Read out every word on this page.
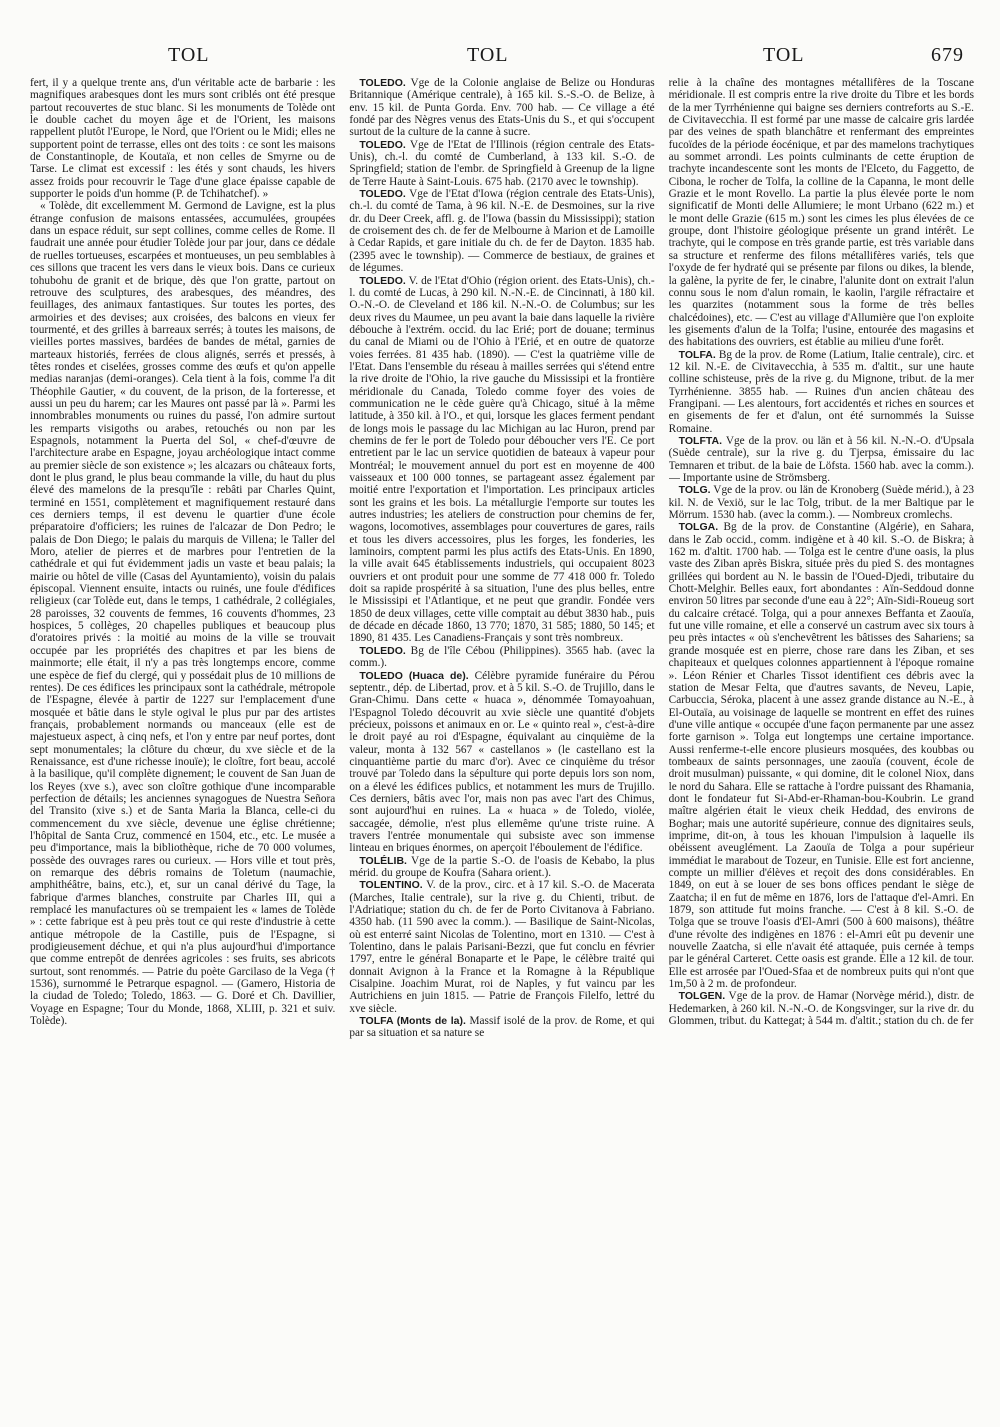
TOL	TOL	TOL	679

fert, il y a quelque trente ans, d'un véritable acte de barbarie : les magnifiques arabesques dont les murs sont criblés ont été presque partout recouvertes de stuc blanc. Si les monuments de Tolède ont le double cachet du moyen âge et de l'Orient, les maisons rappellent plutôt l'Europe, le Nord, que l'Orient ou le Midi; elles ne supportent point de terrasse, elles ont des toits : ce sont les maisons de Constantinople, de Koutaïa, et non celles de Smyrne ou de Tarse. Le climat est excessif : les étés y sont chauds, les hivers assez froids pour recouvrir le Tage d'une glace épaisse capable de supporter le poids d'un homme (P. de Tchihatchef). »

« Tolède, dit excellemment M. Germond de Lavigne, est la plus étrange confusion de maisons entassées, accumulées, groupées dans un espace réduit, sur sept collines, comme celles de Rome. Il faudrait une année pour étudier Tolède jour par jour, dans ce dédale de ruelles tortueuses, escarpées et montueuses, un peu semblables à ces sillons que tracent les vers dans le vieux bois. Dans ce curieux tohubohu de granit et de brique, dès que l'on gratte, partout on retrouve des sculptures, des arabesques, des méandres, des feuillages, des animaux fantastiques. Sur toutes les portes, des armoiries et des devises; aux croisées, des balcons en vieux fer tourmenté, et des grilles à barreaux serrés; à toutes les maisons, de vieilles portes massives, bardées de bandes de métal, garnies de marteaux historiés, ferrées de clous alignés, serrés et pressés, à têtes rondes et ciselées, grosses comme des œufs et qu'on appelle medias naranjas (demi-oranges). Cela tient à la fois, comme l'a dit Théophile Gautier, « du couvent, de la prison, de la forteresse, et aussi un peu du harem; car les Maures ont passé par là ». Parmi les innombrables monuments ou ruines du passé, l'on admire surtout les remparts visigoths ou arabes, retouchés ou non par les Espagnols, notamment la Puerta del Sol, « chef-d'œuvre de l'architecture arabe en Espagne, joyau archéologique intact comme au premier siècle de son existence »; les alcazars ou châteaux forts, dont le plus grand, le plus beau commande la ville, du haut du plus élevé des mamelons de la presqu'île : rebâti par Charles Quint, terminé en 1551, complètement et magnifiquement restauré dans ces derniers temps, il est devenu le quartier d'une école préparatoire d'officiers; les ruines de l'alcazar de Don Pedro; le palais de Don Diego; le palais du marquis de Villena; le Taller del Moro, atelier de pierres et de marbres pour l'entretien de la cathédrale et qui fut évidemment jadis un vaste et beau palais; la mairie ou hôtel de ville (Casas del Ayuntamiento), voisin du palais épiscopal. Viennent ensuite, intacts ou ruinés, une foule d'édifices religieux (car Tolède eut, dans le temps, 1 cathédrale, 2 collégiales, 28 paroisses, 32 couvents de femmes, 16 couvents d'hommes, 23 hospices, 5 collèges, 20 chapelles publiques et beaucoup plus d'oratoires privés : la moitié au moins de la ville se trouvait occupée par les propriétés des chapitres et par les biens de mainmorte; elle était, il n'y a pas très longtemps encore, comme une espèce de fief du clergé, qui y possédait plus de 10 millions de rentes). De ces édifices les principaux sont la cathédrale, métropole de l'Espagne, élevée à partir de 1227 sur l'emplacement d'une mosquée et bâtie dans le style ogival le plus pur par des artistes français, probablement normands ou manceaux (elle est de majestueux aspect, à cinq nefs, et l'on y entre par neuf portes, dont sept monumentales; la clôture du chœur, du xve siècle et de la Renaissance, est d'une richesse inouïe); le cloître, fort beau, accolé à la basilique, qu'il complète dignement; le couvent de San Juan de los Reyes (xve s.), avec son cloître gothique d'une incomparable perfection de détails; les anciennes synagogues de Nuestra Señora del Transito (xive s.) et de Santa Maria la Blanca, celle-ci du commencement du xve siècle, devenue une église chrétienne; l'hôpital de Santa Cruz, commencé en 1504, etc., etc. Le musée a peu d'importance, mais la bibliothèque, riche de 70 000 volumes, possède des ouvrages rares ou curieux. — Hors ville et tout près, on remarque des débris romains de Toletum (naumachie, amphithéâtre, bains, etc.), et, sur un canal dérivé du Tage, la fabrique d'armes blanches, construite par Charles III, qui a remplacé les manufactures où se trempaient les « lames de Tolède » : cette fabrique est à peu près tout ce qui reste d'industrie à cette antique métropole de la Castille, puis de l'Espagne, si prodigieusement déchue, et qui n'a plus aujourd'hui d'importance que comme entrepôt de denrées agricoles : ses fruits, ses abricots surtout, sont renommés. — Patrie du poète Garcilaso de la Vega († 1536), surnommé le Petrarque espagnol. — (Gamero, Historia de la ciudad de Toledo; Toledo, 1863. — G. Doré et Ch. Davillier, Voyage en Espagne; Tour du Monde, 1868, XLIII, p. 321 et suiv. Tolède).

TOLEDO. Vge de la Colonie anglaise de Belize ou Honduras Britannique (Amérique centrale), à 165 kil. S.-S.-O. de Belize, à env. 15 kil. de Punta Gorda. Env. 700 hab. — Ce village a été fondé par des Nègres venus des Etats-Unis du S., et qui s'occupent surtout de la culture de la canne à sucre.

TOLEDO. Vge de l'Etat de l'Illinois (région centrale des Etats-Unis), ch.-l. du comté de Cumberland, à 133 kil. S.-O. de Springfield; station de l'embr. de Springfield à Greenup de la ligne de Terre Haute à Saint-Louis. 675 hab. (2170 avec le township).

TOLEDO. Vge de l'Etat d'Iowa (région centrale des Etats-Unis), ch.-l. du comté de Tama, à 96 kil. N.-E. de Desmoines, sur la rive dr. du Deer Creek, affl. g. de l'Iowa (bassin du Mississippi); station de croisement des ch. de fer de Melbourne à Marion et de Lamoille à Cedar Rapids, et gare initiale du ch. de fer de Dayton. 1835 hab. (2395 avec le township). — Commerce de bestiaux, de graines et de légumes.

TOLEDO. V. de l'Etat d'Ohio (région orient. des Etats-Unis), ch.-l. du comté de Lucas, à 290 kil. N.-N.-E. de Cincinnati, à 180 kil. O.-N.-O. de Cleveland et 186 kil. N.-N.-O. de Columbus; sur les deux rives du Maumee, un peu avant la baie dans laquelle la rivière débouche à l'extrém. occid. du lac Erié; port de douane; terminus du canal de Miami ou de l'Ohio à l'Erié, et en outre de quatorze voies ferrées. 81 435 hab. (1890). — C'est la quatrième ville de l'Etat. Dans l'ensemble du réseau à mailles serrées qui s'étend entre la rive droite de l'Ohio, la rive gauche du Mississipi et la frontière méridionale du Canada, Toledo comme foyer des voies de communication ne le cède guère qu'à Chicago, situé à la même latitude, à 350 kil. à l'O., et qui, lorsque les glaces ferment pendant de longs mois le passage du lac Michigan au lac Huron, prend par chemins de fer le port de Toledo pour déboucher vers l'E. Ce port entretient par le lac un service quotidien de bateaux à vapeur pour Montréal; le mouvement annuel du port est en moyenne de 400 vaisseaux et 100 000 tonnes, se partageant assez également par moitié entre l'exportation et l'importation. Les principaux articles sont les grains et les bois. La métallurgie l'emporte sur toutes les autres industries; les ateliers de construction pour chemins de fer, wagons, locomotives, assemblages pour couvertures de gares, rails et tous les divers accessoires, plus les forges, les fonderies, les laminoirs, comptent parmi les plus actifs des Etats-Unis. En 1890, la ville avait 645 établissements industriels, qui occupaient 8023 ouvriers et ont produit pour une somme de 77 418 000 fr. Toledo doit sa rapide prospérité à sa situation, l'une des plus belles, entre le Mississipi et l'Atlantique, et ne peut que grandir. Fondée vers 1850 de deux villages, cette ville comptait au début 3830 hab., puis de décade en décade 1860, 13 770; 1870, 31 585; 1880, 50 145; et 1890, 81 435. Les Canadiens-Français y sont très nombreux.

TOLEDO. Bg de l'île Cébou (Philippines). 3565 hab. (avec la comm.).

TOLEDO (Huaca de). Célèbre pyramide funéraire du Pérou septentr., dép. de Libertad, prov. et à 5 kil. S.-O. de Trujillo, dans le Gran-Chimu. Dans cette « huaca », dénommée Tomayoahuan, l'Espagnol Toledo découvrit au xvie siècle une quantité d'objets précieux, poissons et animaux en or. Le « quinto real », c'est-à-dire le droit payé au roi d'Espagne, équivalant au cinquième de la valeur, monta à 132 567 « castellanos » (le castellano est la cinquantième partie du marc d'or). Avec ce cinquième du trésor trouvé par Toledo dans la sépulture qui porte depuis lors son nom, on a élevé les édifices publics, et notamment les murs de Trujillo. Ces derniers, bâtis avec l'or, mais non pas avec l'art des Chimus, sont aujourd'hui en ruines. La « huaca » de Toledo, violée, saccagée, démolie, n'est plus ellemême qu'une triste ruine. A travers l'entrée monumentale qui subsiste avec son immense linteau en briques énormes, on aperçoit l'éboulement de l'édifice.

TOLÉLIB. Vge de la partie S.-O. de l'oasis de Kebabo, la plus mérid. du groupe de Koufra (Sahara orient.).

TOLENTINO. V. de la prov., circ. et à 17 kil. S.-O. de Macerata (Marches, Italie centrale), sur la rive g. du Chienti, tribut. de l'Adriatique; station du ch. de fer de Porto Civitanova à Fabriano. 4350 hab. (11 590 avec la comm.). — Basilique de Saint-Nicolas, où est enterré saint Nicolas de Tolentino, mort en 1310. — C'est à Tolentino, dans le palais Parisani-Bezzi, que fut conclu en février 1797, entre le général Bonaparte et le Pape, le célèbre traité qui donnait Avignon à la France et la Romagne à la République Cisalpine. Joachim Murat, roi de Naples, y fut vaincu par les Autrichiens en juin 1815. — Patrie de François Filelfo, lettré du xve siècle.

TOLFA (Monts de la). Massif isolé de la prov. de Rome, et qui par sa situation et sa nature se

relie à la chaîne des montagnes métallifères de la Toscane méridionale. Il est compris entre la rive droite du Tibre et les bords de la mer Tyrrhénienne qui baigne ses derniers contreforts au S.-E. de Civitavecchia. Il est formé par une masse de calcaire gris lardée par des veines de spath blanchâtre et renfermant des empreintes fucoïdes de la période éocénique, et par des mamelons trachytiques au sommet arrondi. Les points culminants de cette éruption de trachyte incandescente sont les monts de l'Elceto, du Faggetto, de Cibona, le rocher de Tolfa, la colline de la Capanna, le mont delle Grazie et le mont Rovello. La partie la plus élevée porte le nom significatif de Monti delle Allumiere; le mont Urbano (622 m.) et le mont delle Grazie (615 m.) sont les cimes les plus élevées de ce groupe, dont l'histoire géologique présente un grand intérêt. Le trachyte, qui le compose en très grande partie, est très variable dans sa structure et renferme des filons métallifères variés, tels que l'oxyde de fer hydraté qui se présente par filons ou dikes, la blende, la galène, la pyrite de fer, le cinabre, l'alunite dont on extrait l'alun connu sous le nom d'alun romain, le kaolin, l'argile réfractaire et les quarzites (notamment sous la forme de très belles chalcédoines), etc. — C'est au village d'Allumière que l'on exploite les gisements d'alun de la Tolfa; l'usine, entourée des magasins et des habitations des ouvriers, est établie au milieu d'une forêt.

TOLFA. Bg de la prov. de Rome (Latium, Italie centrale), circ. et 12 kil. N.-E. de Civitavecchia, à 535 m. d'altit., sur une haute colline schisteuse, près de la rive g. du Mignone, tribut. de la mer Tyrrhénienne. 3855 hab. — Ruines d'un ancien château des Frangipani. — Les alentours, fort accidentés et riches en sources et en gisements de fer et d'alun, ont été surnommés la Suisse Romaine.

TOLFTA. Vge de la prov. ou län et à 56 kil. N.-N.-O. d'Upsala (Suède centrale), sur la rive g. du Tjerpsa, émissaire du lac Temnaren et tribut. de la baie de Löfsta. 1560 hab. avec la comm.). — Importante usine de Strömsberg.

TOLG. Vge de la prov. ou län de Kronoberg (Suède mérid.), à 23 kil. N. de Vexiö, sur le lac Tolg, tribut. de la mer Baltique par le Mörrum. 1530 hab. (avec la comm.). — Nombreux cromlechs.

TOLGA. Bg de la prov. de Constantine (Algérie), en Sahara, dans le Zab occid., comm. indigène et à 40 kil. S.-O. de Biskra; à 162 m. d'altit. 1700 hab. — Tolga est le centre d'une oasis, la plus vaste des Ziban après Biskra, située près du pied S. des montagnes grillées qui bordent au N. le bassin de l'Oued-Djedi, tributaire du Chott-Melghir. Belles eaux, fort abondantes : Aïn-Seddoud donne environ 50 litres par seconde d'une eau à 22°; Aïn-Sidi-Roueug sort du calcaire crétacé. Tolga, qui a pour annexes Beffanta et Zaouïa, fut une ville romaine, et elle a conservé un castrum avec six tours à peu près intactes « où s'enchevêtrent les bâtisses des Sahariens; sa grande mosquée est en pierre, chose rare dans les Ziban, et ses chapiteaux et quelques colonnes appartiennent à l'époque romaine ». Léon Rénier et Charles Tissot identifient ces débris avec la station de Mesar Felta, que d'autres savants, de Neveu, Lapie, Carbuccia, Séroka, placent à une assez grande distance au N.-E., à El-Outaïa, au voisinage de laquelle se montrent en effet des ruines d'une ville antique « occupée d'une façon permanente par une assez forte garnison ». Tolga eut longtemps une certaine importance. Aussi renferme-t-elle encore plusieurs mosquées, des koubbas ou tombeaux de saints personnages, une zaouïa (couvent, école de droit musulman) puissante, « qui domine, dit le colonel Niox, dans le nord du Sahara. Elle se rattache à l'ordre puissant des Rhamania, dont le fondateur fut Si-Abd-er-Rhaman-bou-Koubrin. Le grand maître algérien était le vieux cheik Heddad, des environs de Boghar; mais une autorité supérieure, connue des dignitaires seuls, imprime, dit-on, à tous les khouan l'impulsion à laquelle ils obéissent aveuglément. La Zaouïa de Tolga a pour supérieur immédiat le marabout de Tozeur, en Tunisie. Elle est fort ancienne, compte un millier d'élèves et reçoit des dons considérables. En 1849, on eut à se louer de ses bons offices pendant le siège de Zaatcha; il en fut de même en 1876, lors de l'attaque d'el-Amri. En 1879, son attitude fut moins franche. — C'est à 8 kil. S.-O. de Tolga que se trouve l'oasis d'El-Amri (500 à 600 maisons), théâtre d'une révolte des indigènes en 1876 : el-Amri eût pu devenir une nouvelle Zaatcha, si elle n'avait été attaquée, puis cernée à temps par le général Carteret. Cette oasis est grande. Elle a 12 kil. de tour. Elle est arrosée par l'Oued-Sfaa et de nombreux puits qui n'ont que 1m,50 à 2 m. de profondeur.

TOLGEN. Vge de la prov. de Hamar (Norvège mérid.), distr. de Hedemarken, à 260 kil. N.-N.-O. de Kongsvinger, sur la rive dr. du Glommen, tribut. du Kattegat; à 544 m. d'altit.; station du ch. de fer
